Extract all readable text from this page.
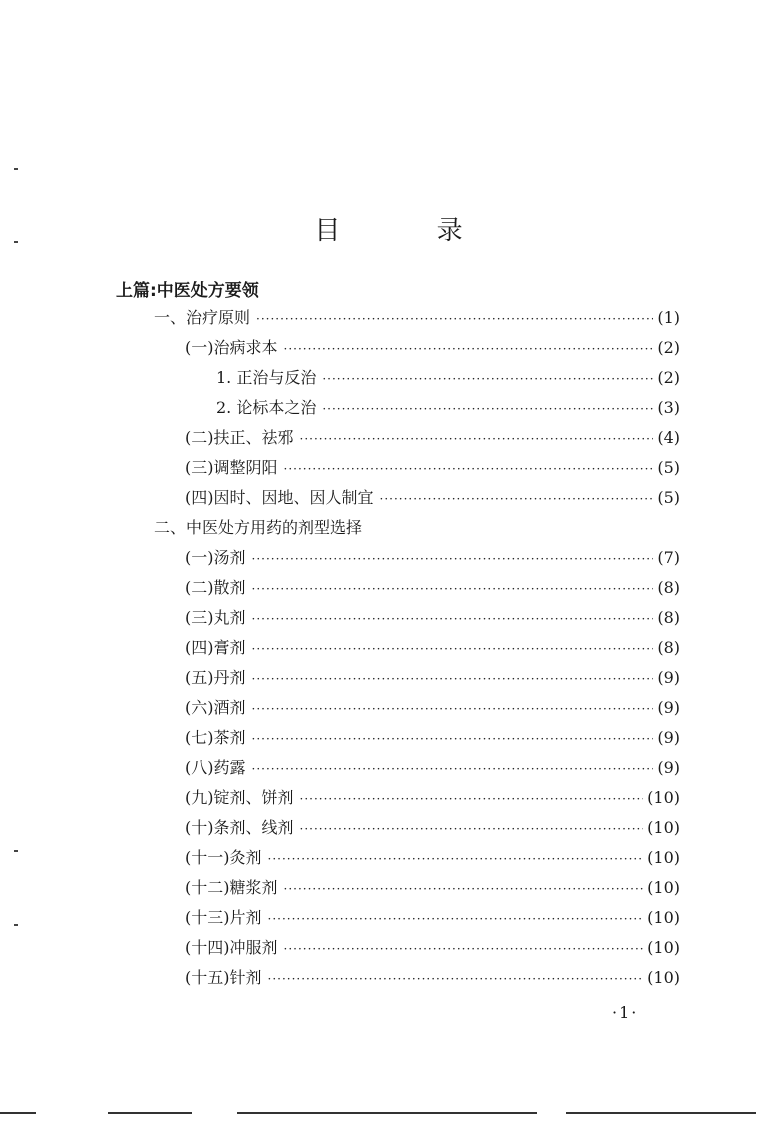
目 录
上篇:中医处方要领
一、治疗原则 ·····	(1)
(一)治病求本 ·····	(2)
1. 正治与反治 ·····	(2)
2. 论标本之治 ·····	(3)
(二)扶正、祛邪 ·····	(4)
(三)调整阴阳 ·····	(5)
(四)因时、因地、因人制宜 ·····	(5)
二、中医处方用药的剂型选择
(一)汤剂 ·····	(7)
(二)散剂 ·····	(8)
(三)丸剂 ·····	(8)
(四)膏剂 ·····	(8)
(五)丹剂 ·····	(9)
(六)酒剂 ·····	(9)
(七)茶剂 ·····	(9)
(八)药露 ·····	(9)
(九)锭剂、饼剂 ·····	(10)
(十)条剂、线剂 ·····	(10)
(十一)灸剂 ·····	(10)
(十二)糖浆剂 ·····	(10)
(十三)片剂 ·····	(10)
(十四)冲服剂 ·····	(10)
(十五)针剂 ·····	(10)
·1·
